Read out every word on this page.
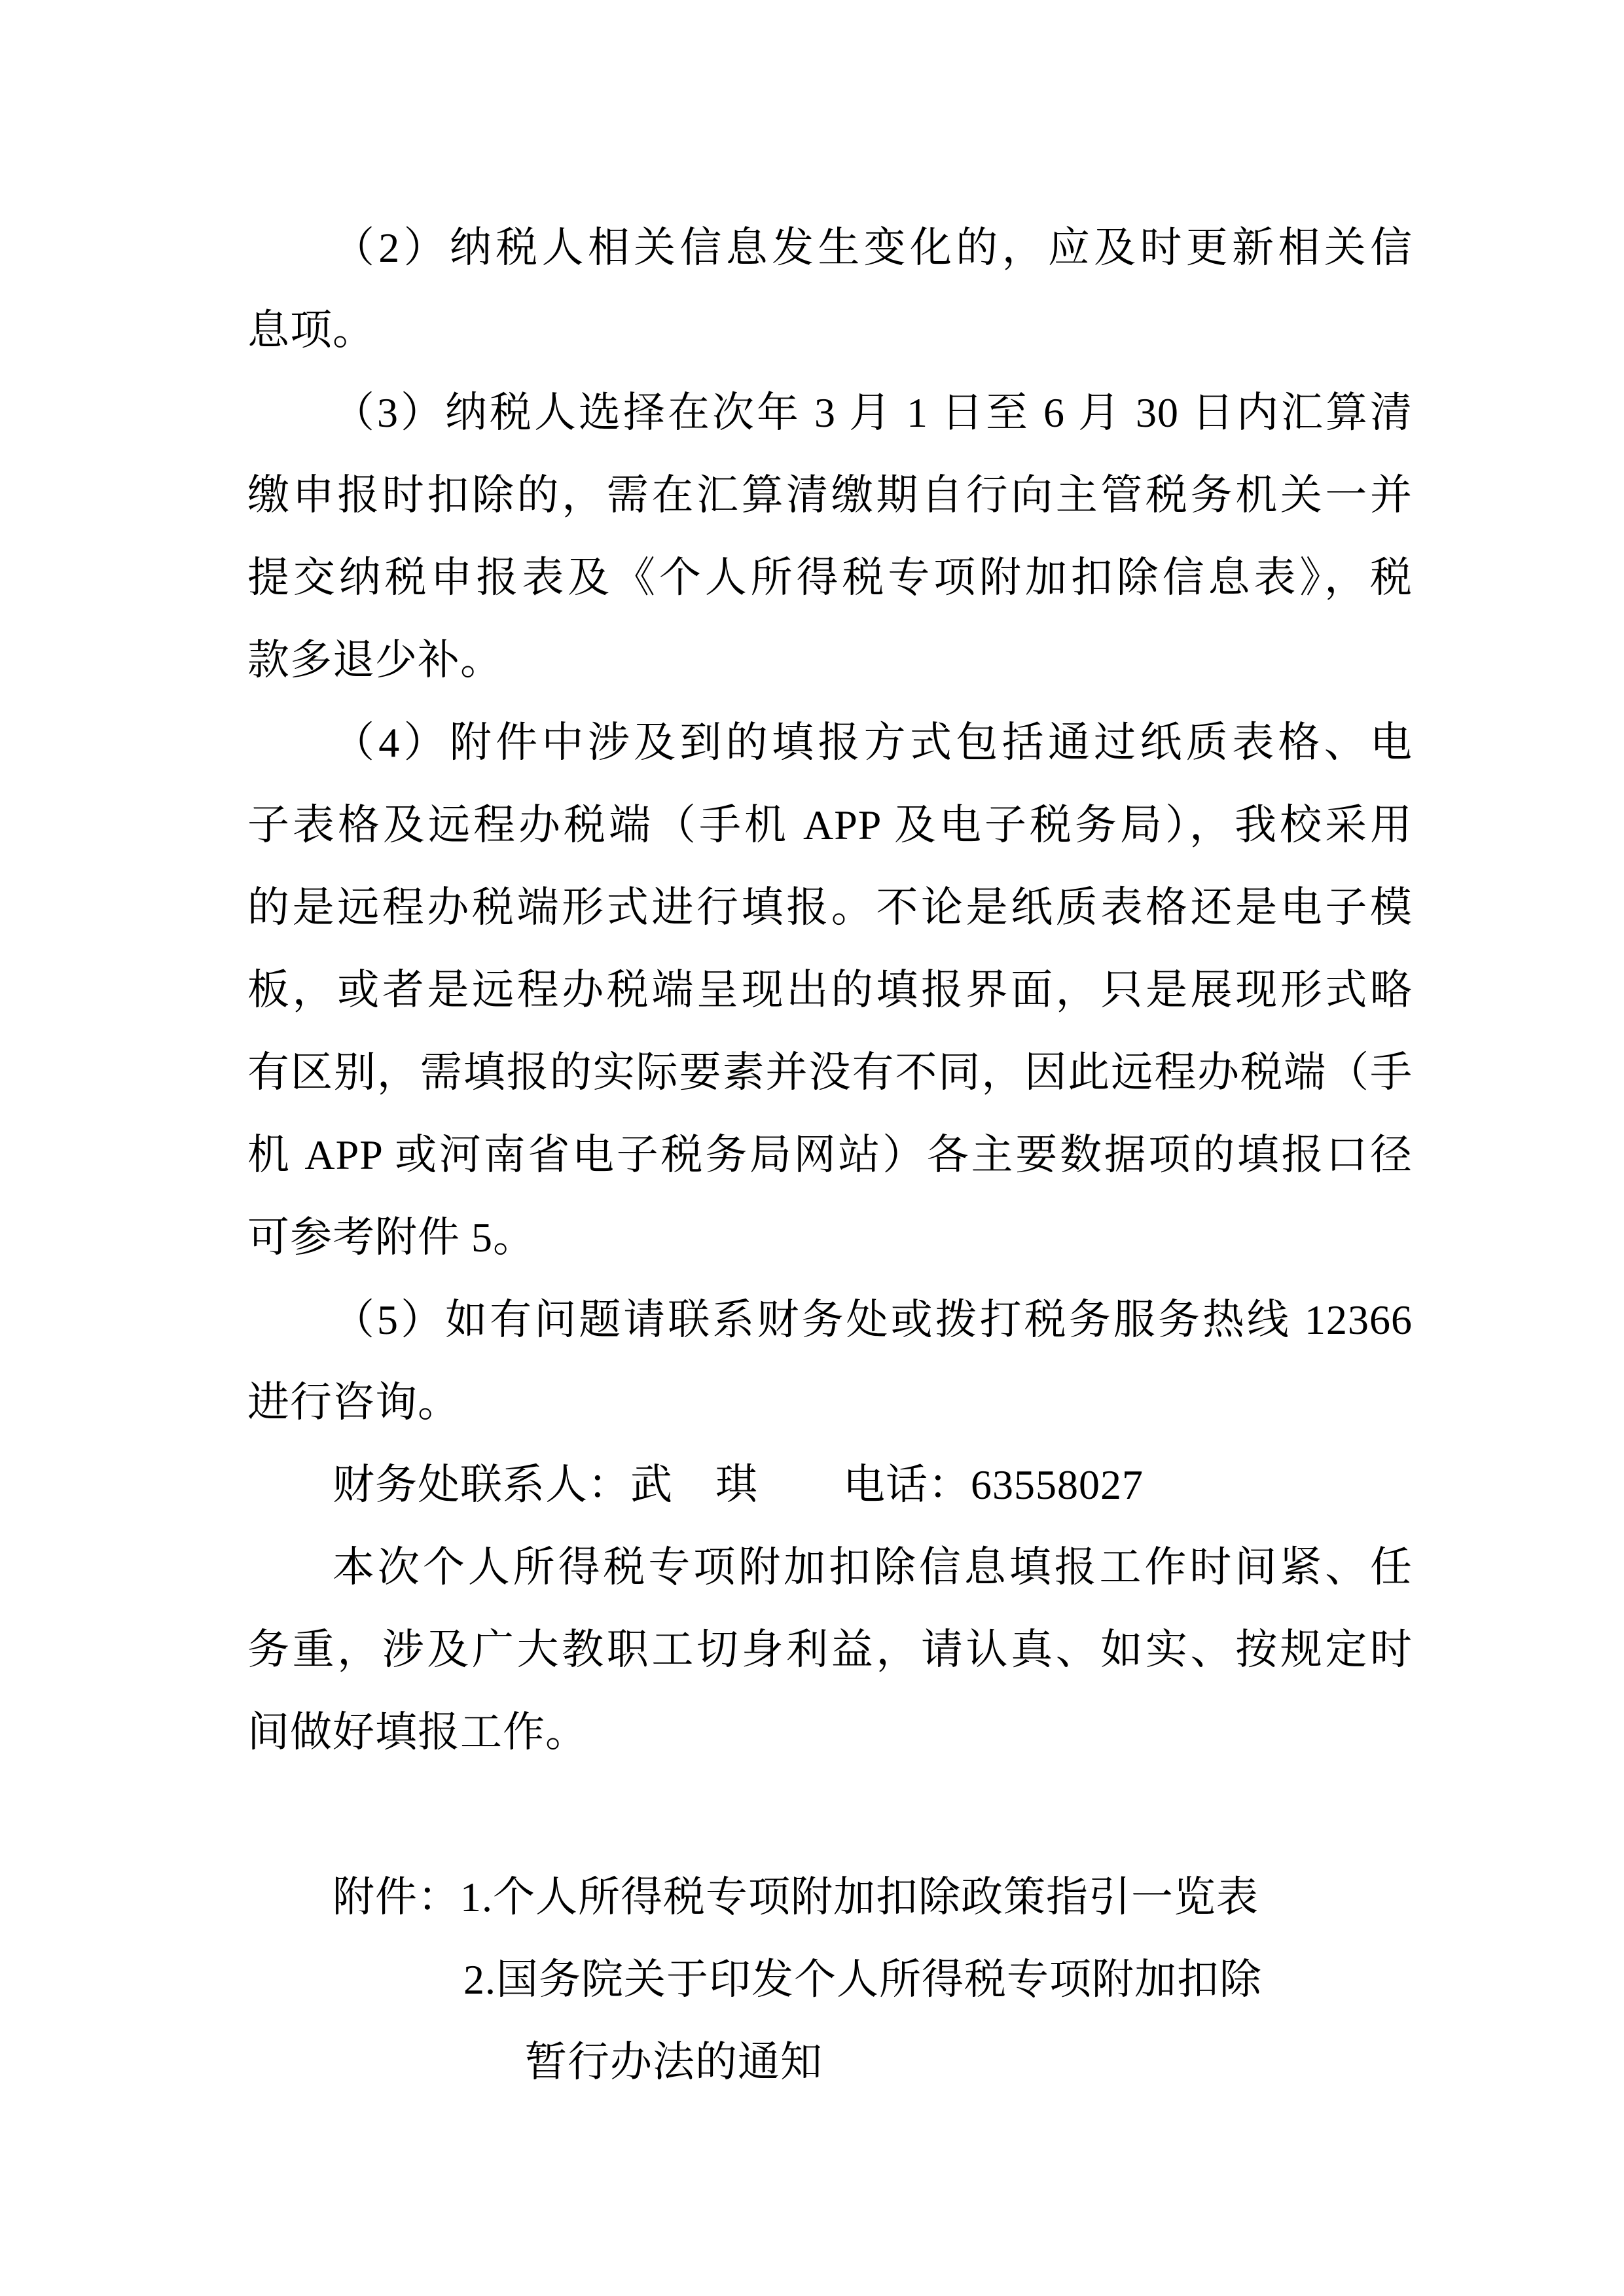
（2）纳税人相关信息发生变化的，应及时更新相关信
息项。
（3）纳税人选择在次年 3 月 1 日至 6 月 30 日内汇算清
缴申报时扣除的，需在汇算清缴期自行向主管税务机关一并
提交纳税申报表及《个人所得税专项附加扣除信息表》，税
款多退少补。
（4）附件中涉及到的填报方式包括通过纸质表格、电
子表格及远程办税端（手机 APP 及电子税务局），我校采用
的是远程办税端形式进行填报。不论是纸质表格还是电子模
板，或者是远程办税端呈现出的填报界面，只是展现形式略
有区别，需填报的实际要素并没有不同，因此远程办税端（手
机 APP 或河南省电子税务局网站）各主要数据项的填报口径
可参考附件 5。
（5）如有问题请联系财务处或拨打税务服务热线 12366
进行咨询。
财务处联系人：武　琪　　电话：63558027
本次个人所得税专项附加扣除信息填报工作时间紧、任
务重，涉及广大教职工切身利益，请认真、如实、按规定时
间做好填报工作。
附件：1.个人所得税专项附加扣除政策指引一览表
2.国务院关于印发个人所得税专项附加扣除
暂行办法的通知
